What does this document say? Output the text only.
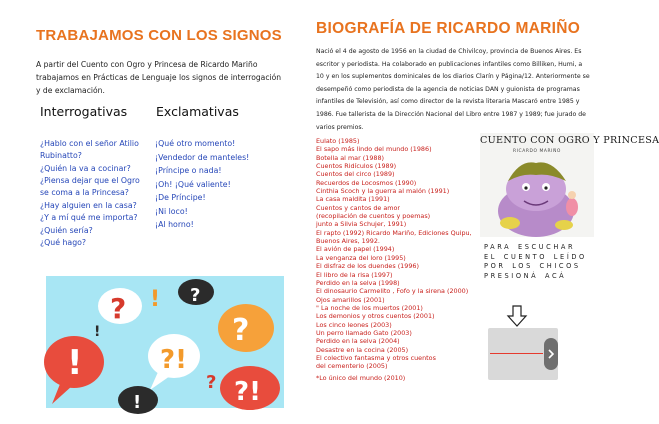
TRABAJAMOS CON LOS SIGNOS

A partir del Cuento con Ogro y Princesa de Ricardo Mariño trabajamos en Prácticas de Lenguaje los signos de interrogación y de exclamación.

Interrogativas Exclamativas
¿Hablo con el señor Atilio Rubinatto?
¿Quién la va a cocinar?
¿Piensa dejar que el Ogro se coma a la Princesa?
¿Hay alguien en la casa?
¿Y a mí qué me importa?
¿Quién sería?
¿Qué hago?
¡Qué otro momento!
¡Vendedor de manteles!
¡Príncipe o nada!
¡Oh! ¡Qué valiente!
¡De Príncipe!
¡Ni loco!
¡Al horno!
!
? !
?!
?
?
?!
!
?
!
BIOGRAFÍA DE RICARDO MARIÑO

Nació el 4 de agosto de 1956 en la ciudad de Chivilcoy, provincia de Buenos Aires. Es escritor y periodista. Ha colaborado en publicaciones infantiles como Billiken, Humi, a 10 y en los suplementos dominicales de los diarios Clarín y Página/12. Anteriormente se desempeñó como periodista de la agencia de noticias DAN y guionista de programas infantiles de Televisión, así como director de la revista literaria Mascaró entre 1985 y 1986. Fue tallerista de la Dirección Nacional del Libro entre 1987 y 1989; fue jurado de varios premios.

Eulato (1985)
El sapo más lindo del mundo (1986)
Botella al mar (1988)
Cuentos Ridículos (1989)
Cuentos del circo (1989)
Recuerdos de Locosmos (1990)
Cinthia Scoch y la guerra al malón (1991)
La casa maldita (1991)
Cuentos y cantos de amor
(recopilación de cuentos y poemas)
junto a Silvia Schujer, 1991)
El rapto (1992) Ricardo Mariño, Ediciones Quipu,
Buenos Aires, 1992.
El avión de papel (1994)
La venganza del loro (1995)
El disfraz de los duendes (1996)
El libro de la risa (1997)
Perdido en la selva (1998)
El dinosaurio Carmelito , Fofo y la sirena (2000)
Ojos amarillos (2001)
" La noche de los muertos (2001)
Los demonios y otros cuentos (2001)
Los cinco leones (2003)
Un perro llamado Gato (2003)
Perdido en la selva (2004)
Desastre en la cocina (2005)
El colectivo fantasma y otros cuentos
del cementerio (2005)
*Lo único del mundo (2010)
CUENTO CON OGRO Y PRINCESA
RICARDO MARIÑO
PARA ESCUCHAR EL CUENTO LEÍDO POR LOS CHICOS PRESIONÁ ACÁ
